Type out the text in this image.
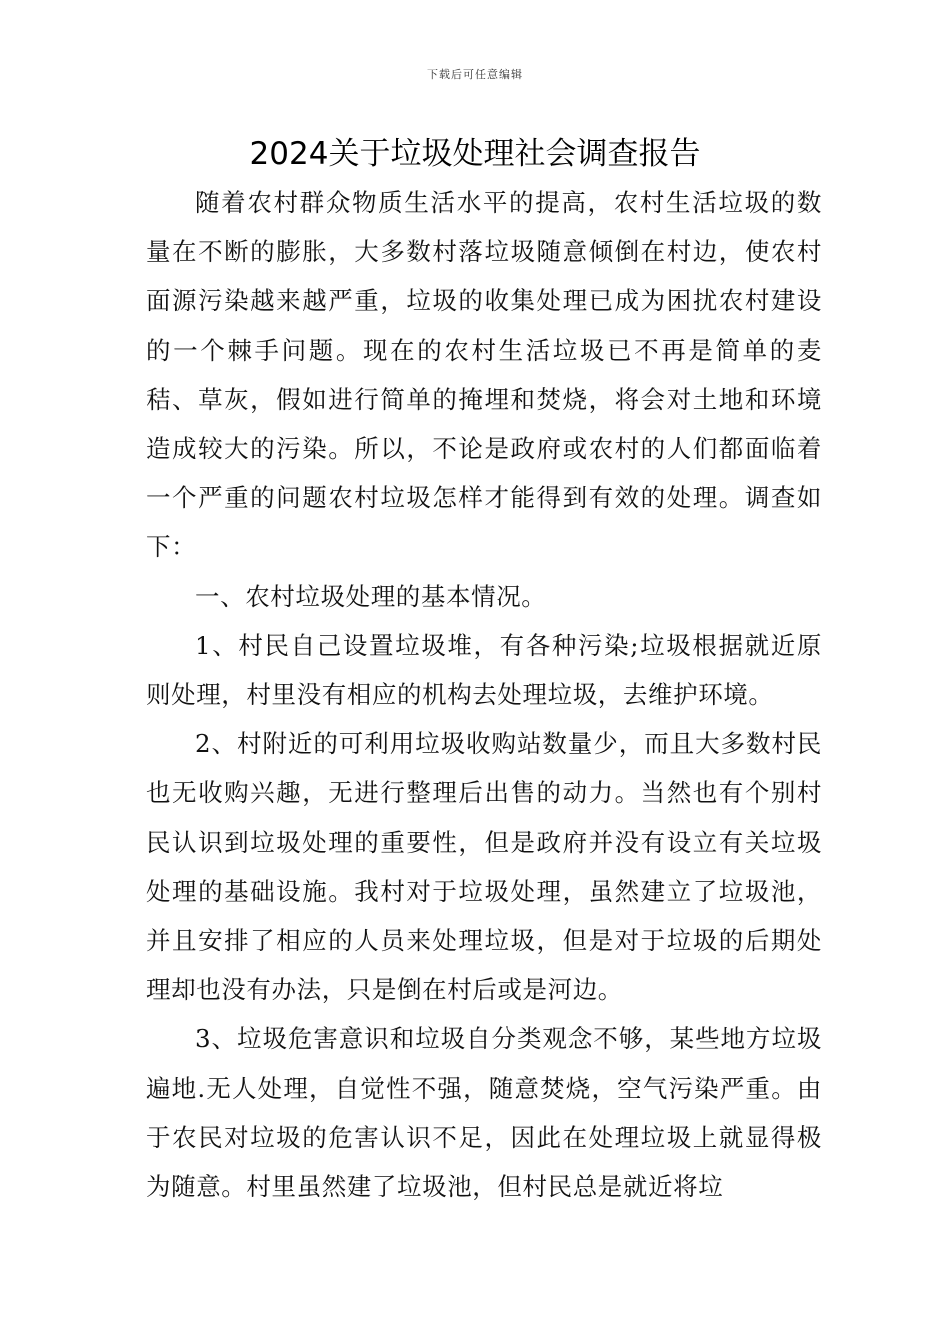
下载后可任意编辑
2024关于垃圾处理社会调查报告

随着农村群众物质生活水平的提高，农村生活垃圾的数量在不断的膨胀，大多数村落垃圾随意倾倒在村边，使农村面源污染越来越严重，垃圾的收集处理已成为困扰农村建设的一个棘手问题。现在的农村生活垃圾已不再是简单的麦秸、草灰，假如进行简单的掩埋和焚烧，将会对土地和环境造成较大的污染。所以，不论是政府或农村的人们都面临着一个严重的问题农村垃圾怎样才能得到有效的处理。调查如下：

一、农村垃圾处理的基本情况。

1、村民自己设置垃圾堆，有各种污染;垃圾根据就近原则处理，村里没有相应的机构去处理垃圾，去维护环境。

2、村附近的可利用垃圾收购站数量少，而且大多数村民也无收购兴趣，无进行整理后出售的动力。当然也有个别村民认识到垃圾处理的重要性，但是政府并没有设立有关垃圾处理的基础设施。我村对于垃圾处理，虽然建立了垃圾池，并且安排了相应的人员来处理垃圾，但是对于垃圾的后期处理却也没有办法，只是倒在村后或是河边。

3、垃圾危害意识和垃圾自分类观念不够，某些地方垃圾遍地.无人处理，自觉性不强，随意焚烧，空气污染严重。由于农民对垃圾的危害认识不足，因此在处理垃圾上就显得极为随意。村里虽然建了垃圾池，但村民总是就近将垃
